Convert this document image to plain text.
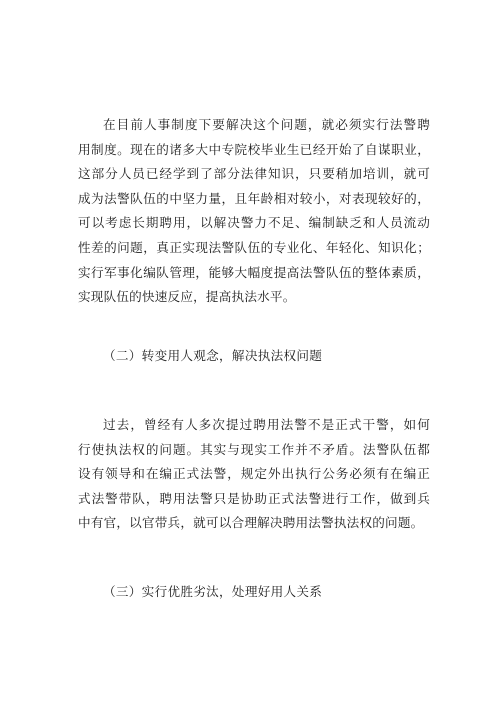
在目前人事制度下要解决这个问题，就必须实行法警聘
用制度。现在的诸多大中专院校毕业生已经开始了自谋职业，
这部分人员已经学到了部分法律知识，只要稍加培训，就可
成为法警队伍的中坚力量，且年龄相对较小，对表现较好的，
可以考虑长期聘用，以解决警力不足、编制缺乏和人员流动
性差的问题，真正实现法警队伍的专业化、年轻化、知识化；
实行军事化编队管理，能够大幅度提高法警队伍的整体素质，
实现队伍的快速反应，提高执法水平。

（二）转变用人观念，解决执法权问题

过去，曾经有人多次提过聘用法警不是正式干警，如何
行使执法权的问题。其实与现实工作并不矛盾。法警队伍都
设有领导和在编正式法警，规定外出执行公务必须有在编正
式法警带队，聘用法警只是协助正式法警进行工作，做到兵
中有官，以官带兵，就可以合理解决聘用法警执法权的问题。

（三）实行优胜劣汰，处理好用人关系
